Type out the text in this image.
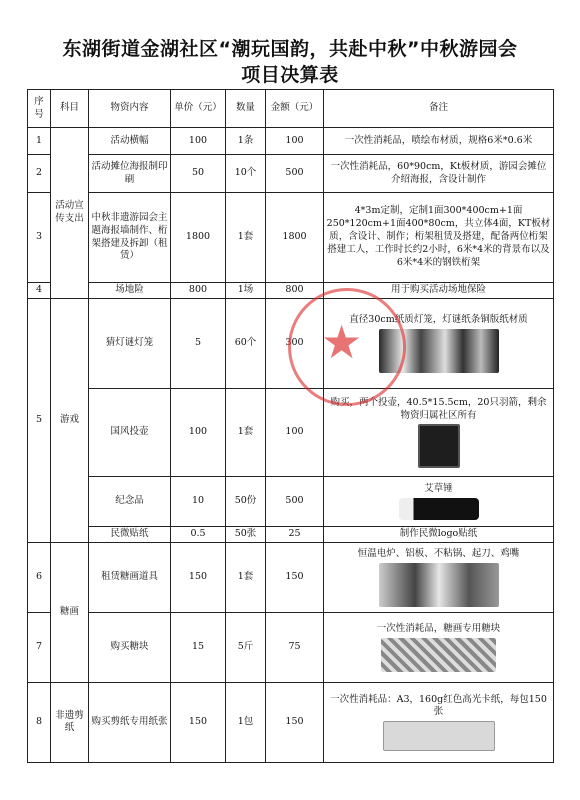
东湖街道金湖社区“潮玩国韵，共赴中秋”中秋游园会
项目决算表
序号	科目	物资内容	单价（元）	数量	金额（元）	备注
1	活动宣传支出	活动横幅	100	1条	100	一次性消耗品，喷绘布材质，规格6米*0.6米
2		活动摊位海报制印刷	50	10个	500	一次性消耗品，60*90cm，Kt板材质，游园会摊位介绍海报，含设计制作
3		中秋非遗游园会主题海报墙制作、桁架搭建及拆卸（租赁）	1800	1套	1800	4*3m定制，定制1面300*400cm+1面250*120cm+1面400*80cm，共立体4面，KT板材质，含设计、制作；桁架租赁及搭建，配备两位桁架搭建工人，工作时长约2小时，6米*4米的背景布以及6米*4米的钢铁桁架
4		场地险	800	1场	800	用于购买活动场地保险
5	游戏	猜灯谜灯笼	5	60个	300	直径30cm纸质灯笼，灯谜纸条铜版纸材质

		国风投壶	100	1套	100	购买，两个投壶，40.5*15.5cm，20只羽箭，剩余物资归属社区所有

		纪念品	10	50份	500	艾草锤

		民微贴纸	0.5	50张	25	制作民微logo贴纸
6	糖画	租赁糖画道具	150	1套	150	恒温电炉、铝板、不粘锅、起刀、鸡嘴

7		购买糖块	15	5斤	75	一次性消耗品，糖画专用糖块

8	非遗剪纸	购买剪纸专用纸张	150	1包	150	一次性消耗品：A3，160g红色高光卡纸，每包150张
★
